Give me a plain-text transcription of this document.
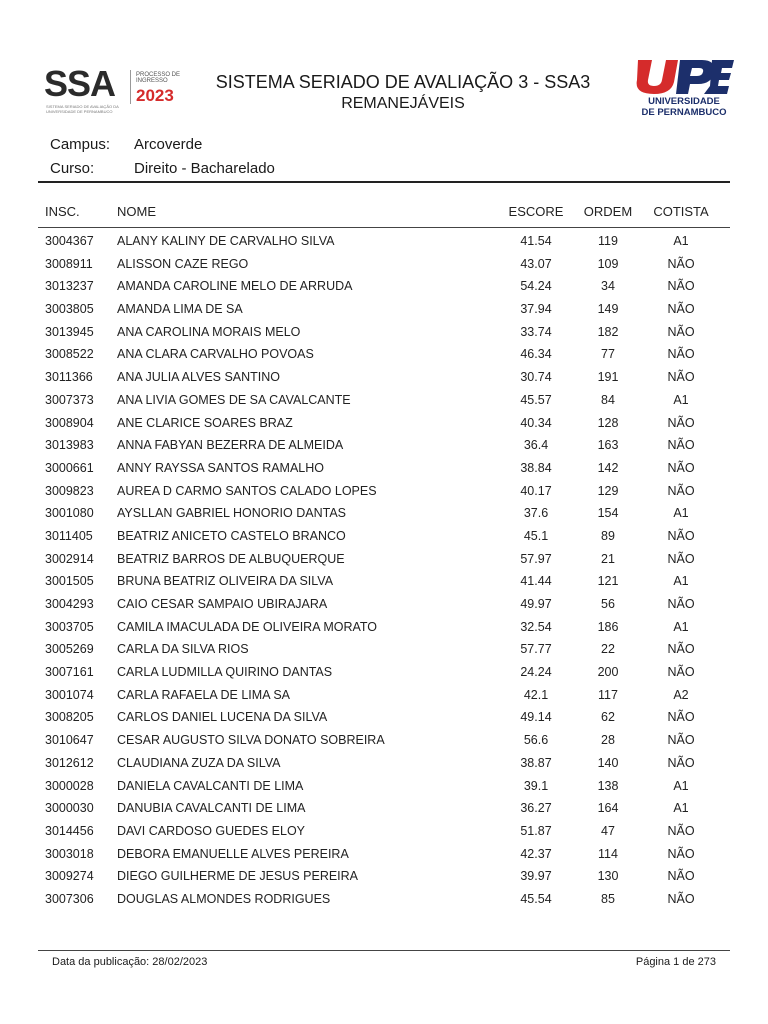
SSA
SISTEMA SERIADO DE AVALIAÇÃO DA UNIVERSIDADE DE PERNAMBUCO
PROCESSO DE INGRESSO
2023
SISTEMA SERIADO DE AVALIAÇÃO 3 - SSA3
REMANEJÁVEIS	UNIVERSIDADE
DE PERNAMBUCO
Campus: Arcoverde
Curso:	Direito - Bacharelado
INSC.	NOME	ESCORE	ORDEM	COTISTA
3004367 ALANY KALINY DE CARVALHO SILVA	41.54	119	A1
3008911 ALISSON CAZE REGO	43.07	109	NÃO
3013237 AMANDA CAROLINE MELO DE ARRUDA	54.24	34	NÃO
3003805 AMANDA LIMA DE SA	37.94	149	NÃO
3013945 ANA CAROLINA MORAIS MELO	33.74	182	NÃO
3008522 ANA CLARA CARVALHO POVOAS	46.34	77	NÃO
3011366 ANA JULIA ALVES SANTINO	30.74	191	NÃO
3007373 ANA LIVIA GOMES DE SA CAVALCANTE	45.57	84	A1
3008904 ANE CLARICE SOARES BRAZ	40.34	128	NÃO
3013983 ANNA FABYAN BEZERRA DE ALMEIDA	36.4	163	NÃO
3000661 ANNY RAYSSA SANTOS RAMALHO	38.84	142	NÃO
3009823 AUREA D CARMO SANTOS CALADO LOPES	40.17	129	NÃO
3001080 AYSLLAN GABRIEL HONORIO DANTAS	37.6	154	A1
3011405 BEATRIZ ANICETO CASTELO BRANCO	45.1	89	NÃO
3002914 BEATRIZ BARROS DE ALBUQUERQUE	57.97	21	NÃO
3001505 BRUNA BEATRIZ OLIVEIRA DA SILVA	41.44	121	A1
3004293 CAIO CESAR SAMPAIO UBIRAJARA	49.97	56	NÃO
3003705 CAMILA IMACULADA DE OLIVEIRA MORATO	32.54	186	A1
3005269 CARLA DA SILVA RIOS	57.77	22	NÃO
3007161 CARLA LUDMILLA QUIRINO DANTAS	24.24	200	NÃO
3001074 CARLA RAFAELA DE LIMA SA	42.1	117	A2
3008205 CARLOS DANIEL LUCENA DA SILVA	49.14	62	NÃO
3010647 CESAR AUGUSTO SILVA DONATO SOBREIRA	56.6	28	NÃO
3012612 CLAUDIANA ZUZA DA SILVA	38.87	140	NÃO
3000028 DANIELA CAVALCANTI DE LIMA	39.1	138	A1
3000030 DANUBIA CAVALCANTI DE LIMA	36.27	164	A1
3014456 DAVI CARDOSO GUEDES ELOY	51.87	47	NÃO
3003018 DEBORA EMANUELLE ALVES PEREIRA	42.37	114	NÃO
3009274 DIEGO GUILHERME DE JESUS PEREIRA	39.97	130	NÃO
3007306 DOUGLAS ALMONDES RODRIGUES	45.54	85	NÃO
Data da publicação: 28/02/2023	Página 1 de 273
